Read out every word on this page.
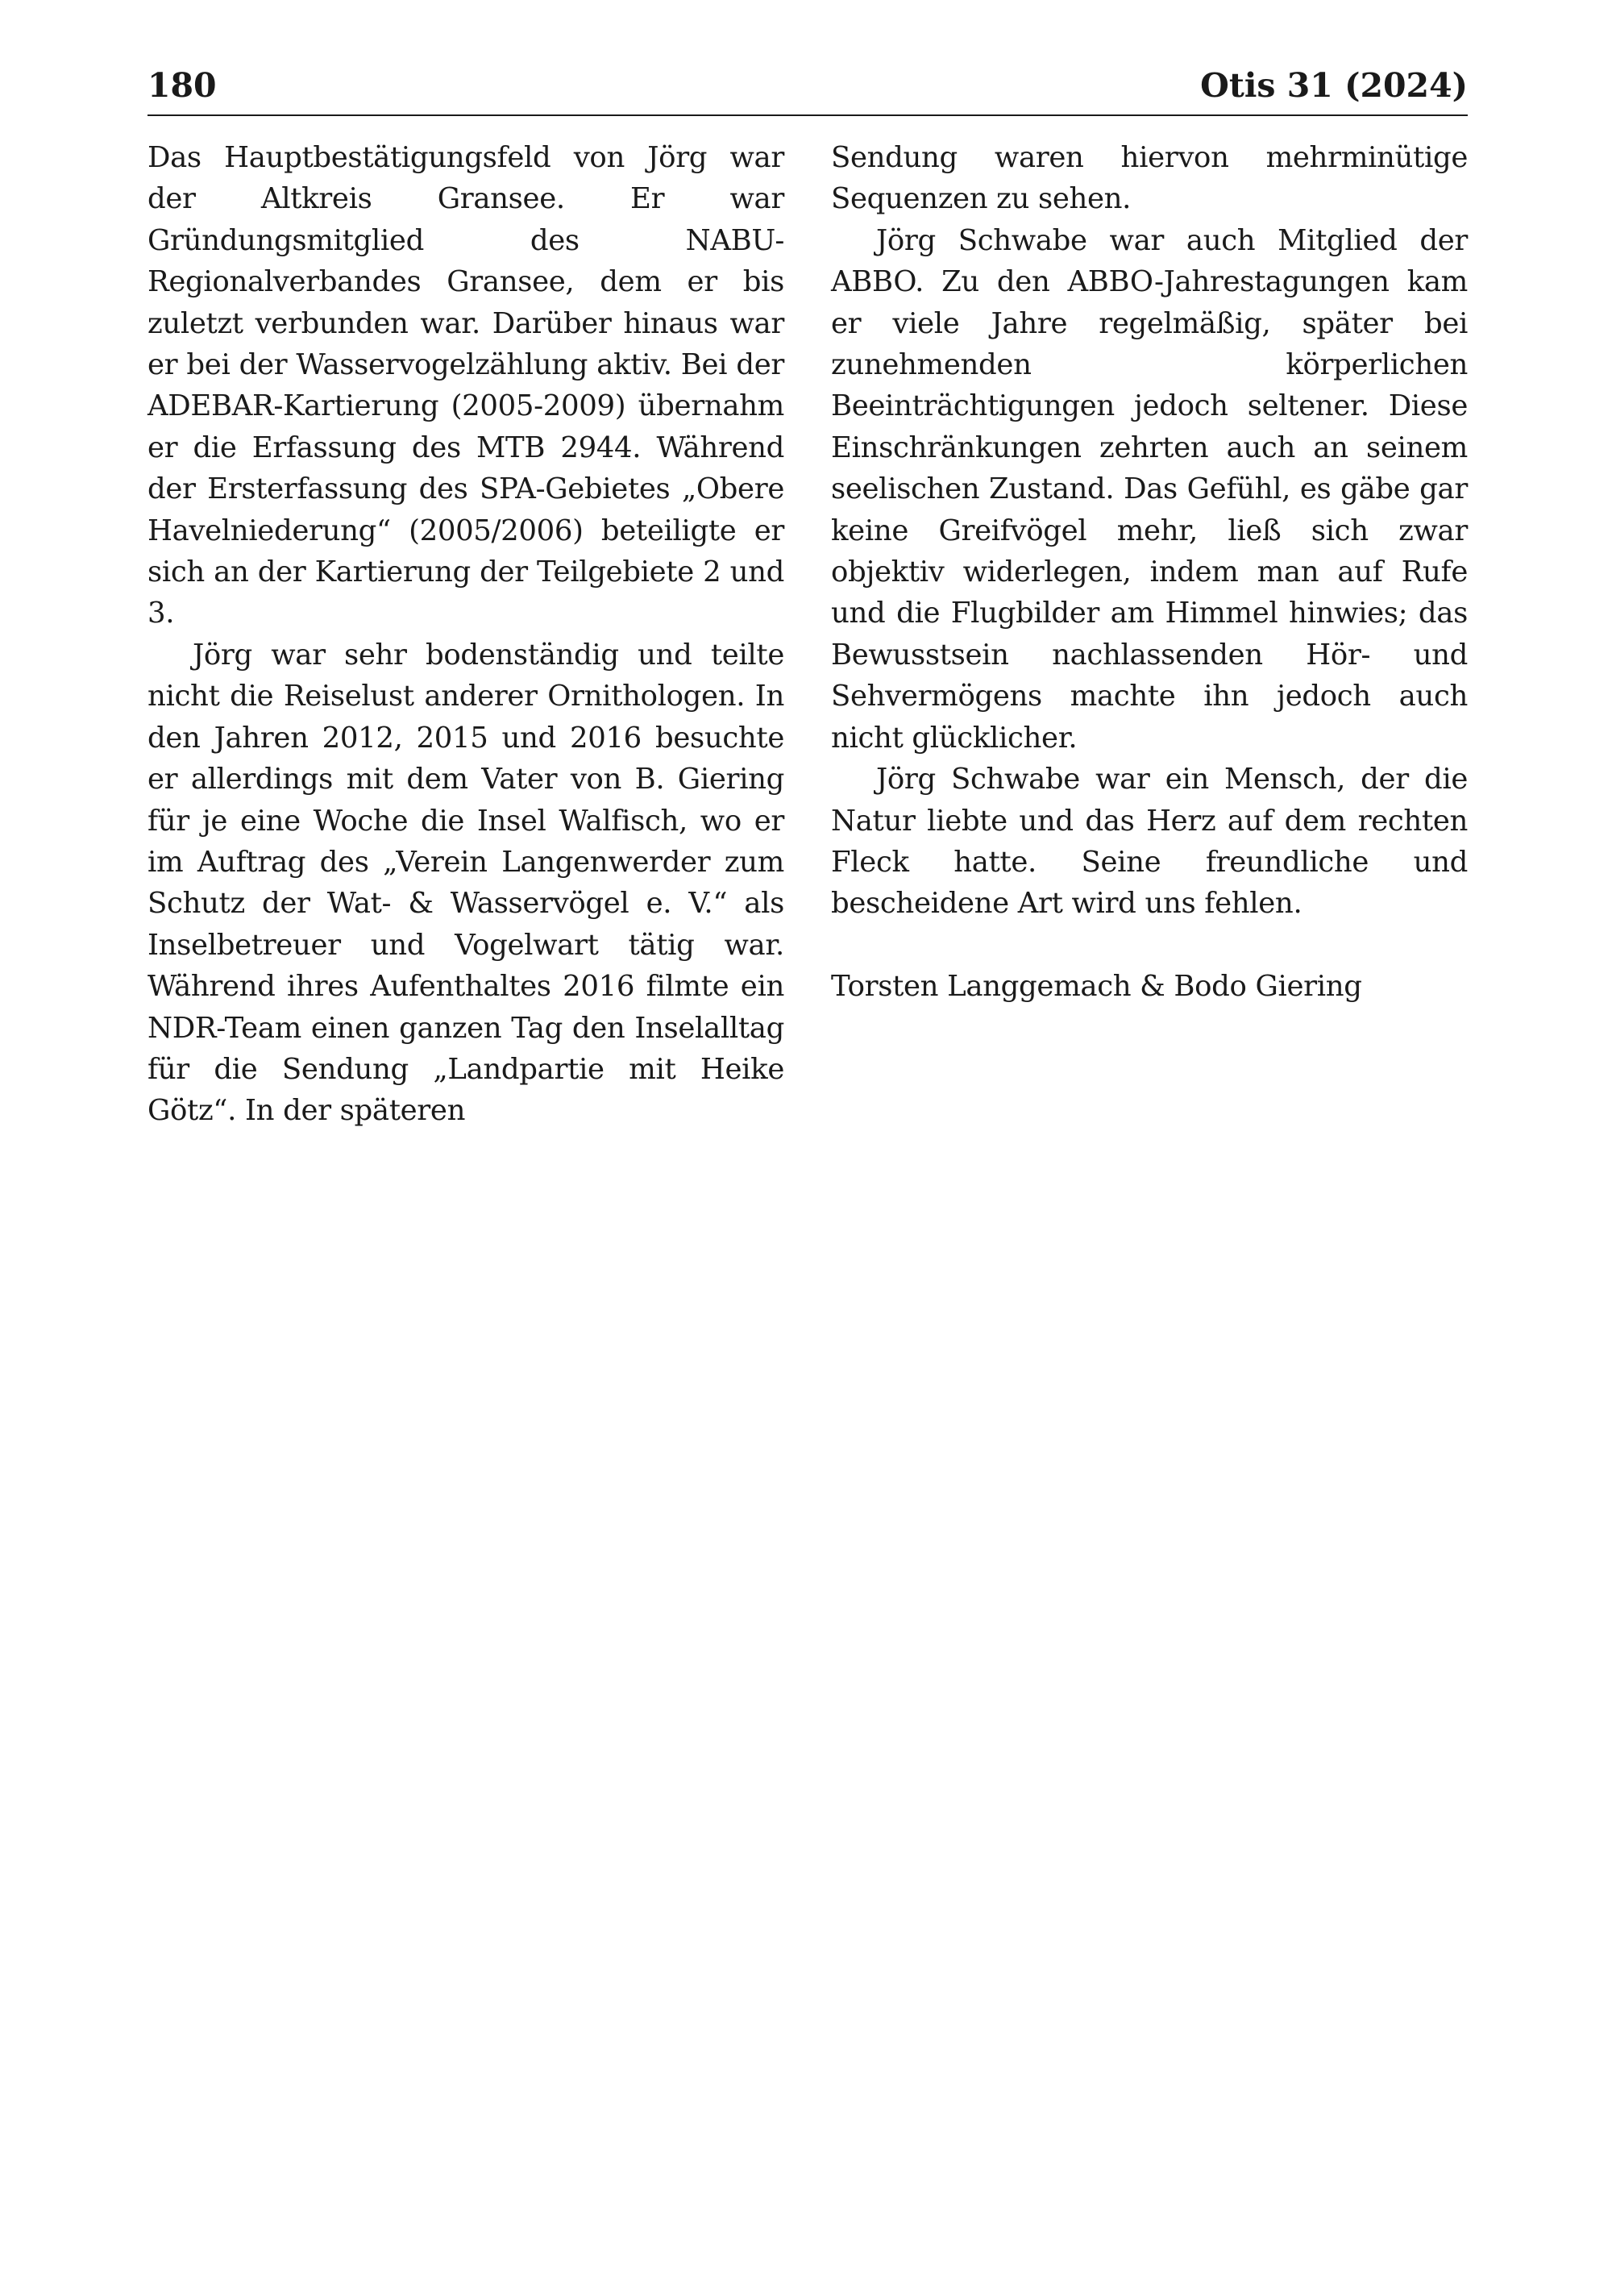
180	Otis 31 (2024)

Das Hauptbestätigungsfeld von Jörg war der Altkreis Gransee. Er war Gründungsmitglied des NABU-Regionalverbandes Gransee, dem er bis zuletzt verbunden war. Darüber hinaus war er bei der Wasservogelzählung aktiv. Bei der ADEBAR-Kartierung (2005-2009) übernahm er die Erfassung des MTB 2944. Während der Ersterfassung des SPA-Gebietes „Obere Havelniederung“ (2005/2006) beteiligte er sich an der Kartierung der Teilgebiete 2 und 3.

Jörg war sehr bodenständig und teilte nicht die Reiselust anderer Ornithologen. In den Jahren 2012, 2015 und 2016 besuchte er allerdings mit dem Vater von B. Giering für je eine Woche die Insel Walfisch, wo er im Auftrag des „Verein Langenwerder zum Schutz der Wat- & Wasservögel e. V.“ als Inselbetreuer und Vogelwart tätig war. Während ihres Aufenthaltes 2016 filmte ein NDR-Team einen ganzen Tag den Inselalltag für die Sendung „Landpartie mit Heike Götz“. In der späteren

Sendung waren hiervon mehrminütige Sequenzen zu sehen.

Jörg Schwabe war auch Mitglied der ABBO. Zu den ABBO-Jahrestagungen kam er viele Jahre regelmäßig, später bei zunehmenden körperlichen Beeinträchtigungen jedoch seltener. Diese Einschränkungen zehrten auch an seinem seelischen Zustand. Das Gefühl, es gäbe gar keine Greifvögel mehr, ließ sich zwar objektiv widerlegen, indem man auf Rufe und die Flugbilder am Himmel hinwies; das Bewusstsein nachlassenden Hör- und Sehvermögens machte ihn jedoch auch nicht glücklicher.

Jörg Schwabe war ein Mensch, der die Natur liebte und das Herz auf dem rechten Fleck hatte. Seine freundliche und bescheidene Art wird uns fehlen.

Torsten Langgemach & Bodo Giering
